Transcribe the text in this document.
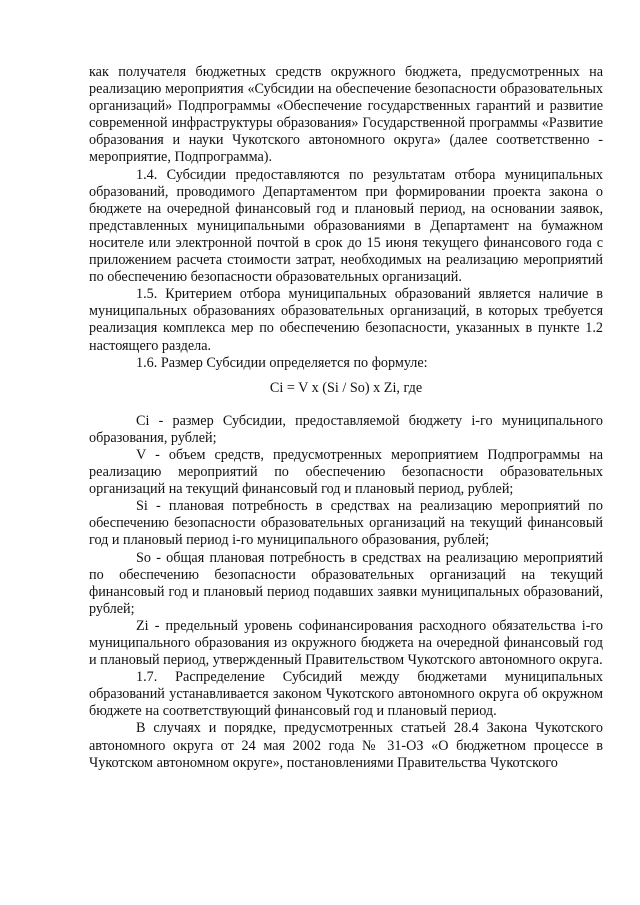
как получателя бюджетных средств окружного бюджета, предусмотренных на реализацию мероприятия «Субсидии на обеспечение безопасности образовательных организаций» Подпрограммы «Обеспечение государственных гарантий и развитие современной инфраструктуры образования» Государственной программы «Развитие образования и науки Чукотского автономного округа» (далее соответственно - мероприятие, Подпрограмма).

1.4. Субсидии предоставляются по результатам отбора муниципальных образований, проводимого Департаментом при формировании проекта закона о бюджете на очередной финансовый год и плановый период, на основании заявок, представленных муниципальными образованиями в Департамент на бумажном носителе или электронной почтой в срок до 15 июня текущего финансового года с приложением расчета стоимости затрат, необходимых на реализацию мероприятий по обеспечению безопасности образовательных организаций.

1.5. Критерием отбора муниципальных образований является наличие в муниципальных образованиях образовательных организаций, в которых требуется реализация комплекса мер по обеспечению безопасности, указанных в пункте 1.2 настоящего раздела.

1.6. Размер Субсидии определяется по формуле:

Ci = V x (Si / So) x Zi, где

Ci - размер Субсидии, предоставляемой бюджету i-го муниципального образования, рублей;

V - объем средств, предусмотренных мероприятием Подпрограммы на реализацию мероприятий по обеспечению безопасности образовательных организаций на текущий финансовый год и плановый период, рублей;

Si - плановая потребность в средствах на реализацию мероприятий по обеспечению безопасности образовательных организаций на текущий финансовый год и плановый период i-го муниципального образования, рублей;

So - общая плановая потребность в средствах на реализацию мероприятий по обеспечению безопасности образовательных организаций на текущий финансовый год и плановый период подавших заявки муниципальных образований, рублей;

Zi - предельный уровень софинансирования расходного обязательства i-го муниципального образования из окружного бюджета на очередной финансовый год и плановый период, утвержденный Правительством Чукотского автономного округа.

1.7. Распределение Субсидий между бюджетами муниципальных образований устанавливается законом Чукотского автономного округа об окружном бюджете на соответствующий финансовый год и плановый период.

В случаях и порядке, предусмотренных статьей 28.4 Закона Чукотского автономного округа от 24 мая 2002 года № 31-ОЗ «О бюджетном процессе в Чукотском автономном округе», постановлениями Правительства Чукотского
